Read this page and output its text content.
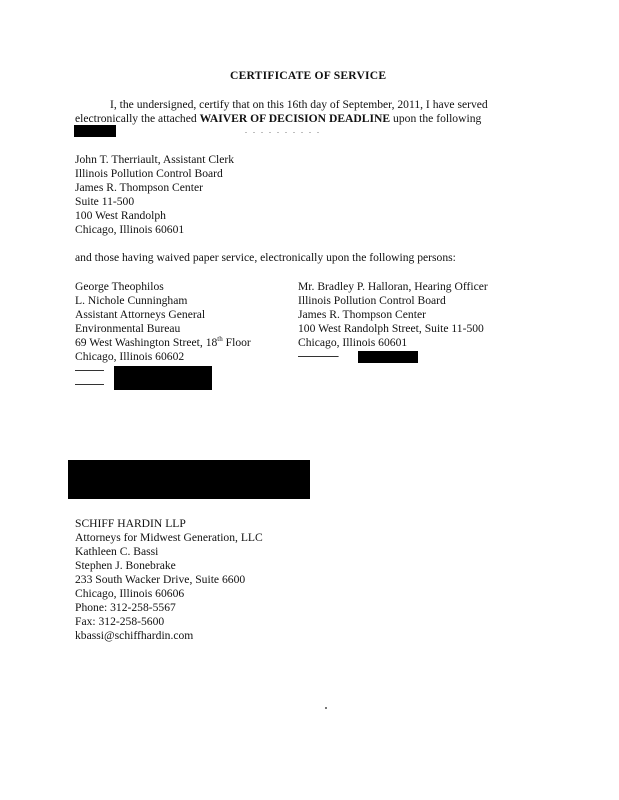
CERTIFICATE OF SERVICE
I, the undersigned, certify that on this 16th day of September, 2011, I have served
electronically the attached WAIVER OF DECISION DEADLINE upon the following
. . . . . . . . . .
John T. Therriault, Assistant Clerk
Illinois Pollution Control Board
James R. Thompson Center
Suite 11-500
100 West Randolph
Chicago, Illinois 60601
and those having waived paper service, electronically upon the following persons:
George Theophilos
L. Nichole Cunningham
Assistant Attorneys General
Environmental Bureau
69 West Washington Street, 18th Floor
Chicago, Illinois 60602

Mr. Bradley P. Halloran, Hearing Officer
Illinois Pollution Control Board
James R. Thompson Center
100 West Randolph Street, Suite 11-500
Chicago, Illinois 60601

SCHIFF HARDIN LLP
Attorneys for Midwest Generation, LLC
Kathleen C. Bassi
Stephen J. Bonebrake
233 South Wacker Drive, Suite 6600
Chicago, Illinois 60606
Phone: 312-258-5567
Fax: 312-258-5600
kbassi@schiffhardin.com
